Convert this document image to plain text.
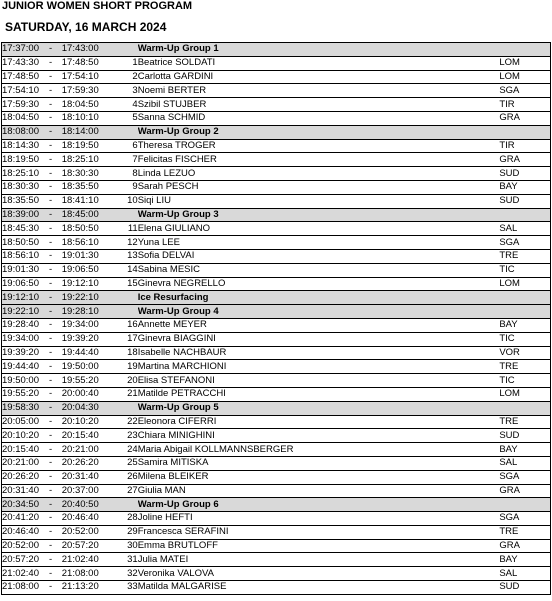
JUNIOR WOMEN SHORT PROGRAM
SATURDAY, 16 MARCH 2024
17:37:00	-	17:43:00		Warm-Up Group 1	
17:43:30	-	17:48:50	1	Beatrice SOLDATI	LOM
17:48:50	-	17:54:10	2	Carlotta GARDINI	LOM
17:54:10	-	17:59:30	3	Noemi BERTER	SGA
17:59:30	-	18:04:50	4	Szibil STUJBER	TIR
18:04:50	-	18:10:10	5	Sanna SCHMID	GRA
18:08:00	-	18:14:00		Warm-Up Group 2	
18:14:30	-	18:19:50	6	Theresa TROGER	TIR
18:19:50	-	18:25:10	7	Felicitas FISCHER	GRA
18:25:10	-	18:30:30	8	Linda LEZUO	SUD
18:30:30	-	18:35:50	9	Sarah PESCH	BAY
18:35:50	-	18:41:10	10	Siqi LIU	SUD
18:39:00	-	18:45:00		Warm-Up Group 3	
18:45:30	-	18:50:50	11	Elena GIULIANO	SAL
18:50:50	-	18:56:10	12	Yuna LEE	SGA
18:56:10	-	19:01:30	13	Sofia DELVAI	TRE
19:01:30	-	19:06:50	14	Sabina MESIC	TIC
19:06:50	-	19:12:10	15	Ginevra NEGRELLO	LOM
19:12:10	-	19:22:10		Ice Resurfacing	
19:22:10	-	19:28:10		Warm-Up Group 4	
19:28:40	-	19:34:00	16	Annette MEYER	BAY
19:34:00	-	19:39:20	17	Ginevra BIAGGINI	TIC
19:39:20	-	19:44:40	18	Isabelle NACHBAUR	VOR
19:44:40	-	19:50:00	19	Martina MARCHIONI	TRE
19:50:00	-	19:55:20	20	Elisa STEFANONI	TIC
19:55:20	-	20:00:40	21	Matilde PETRACCHI	LOM
19:58:30	-	20:04:30		Warm-Up Group 5	
20:05:00	-	20:10:20	22	Eleonora CIFERRI	TRE
20:10:20	-	20:15:40	23	Chiara MINIGHINI	SUD
20:15:40	-	20:21:00	24	Maria Abigail KOLLMANNSBERGER	BAY
20:21:00	-	20:26:20	25	Samira MITISKA	SAL
20:26:20	-	20:31:40	26	Milena BLEIKER	SGA
20:31:40	-	20:37:00	27	Giulia MAN	GRA
20:34:50	-	20:40:50		Warm-Up Group 6	
20:41:20	-	20:46:40	28	Joline HEFTI	SGA
20:46:40	-	20:52:00	29	Francesca SERAFINI	TRE
20:52:00	-	20:57:20	30	Emma BRUTLOFF	GRA
20:57:20	-	21:02:40	31	Julia MATEI	BAY
21:02:40	-	21:08:00	32	Veronika VALOVA	SAL
21:08:00	-	21:13:20	33	Matilda MALGARISE	SUD
